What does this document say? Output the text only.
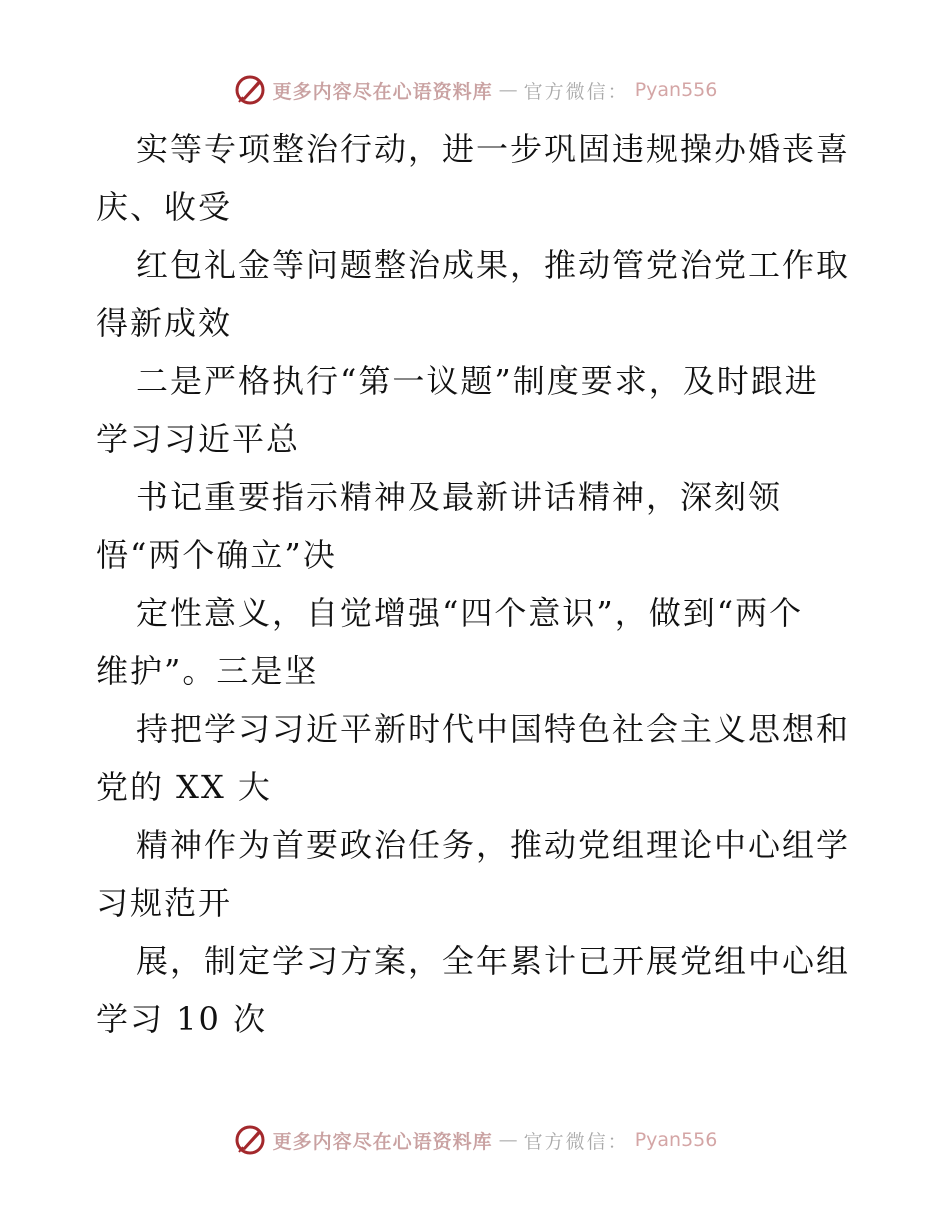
更多内容尽在心语资料库 — 官方微信： Pyan556

实等专项整治行动，进一步巩固违规操办婚丧喜
庆、收受

红包礼金等问题整治成果，推动管党治党工作取
得新成效

二是严格执行“第一议题”制度要求，及时跟进
学习习近平总

书记重要指示精神及最新讲话精神，深刻领
悟“两个确立”决

定性意义，自觉增强“四个意识”，做到“两个
维护”。三是坚

持把学习习近平新时代中国特色社会主义思想和
党的 XX 大

精神作为首要政治任务，推动党组理论中心组学
习规范开

展，制定学习方案，全年累计已开展党组中心组
学习 10 次

更多内容尽在心语资料库 — 官方微信： Pyan556
